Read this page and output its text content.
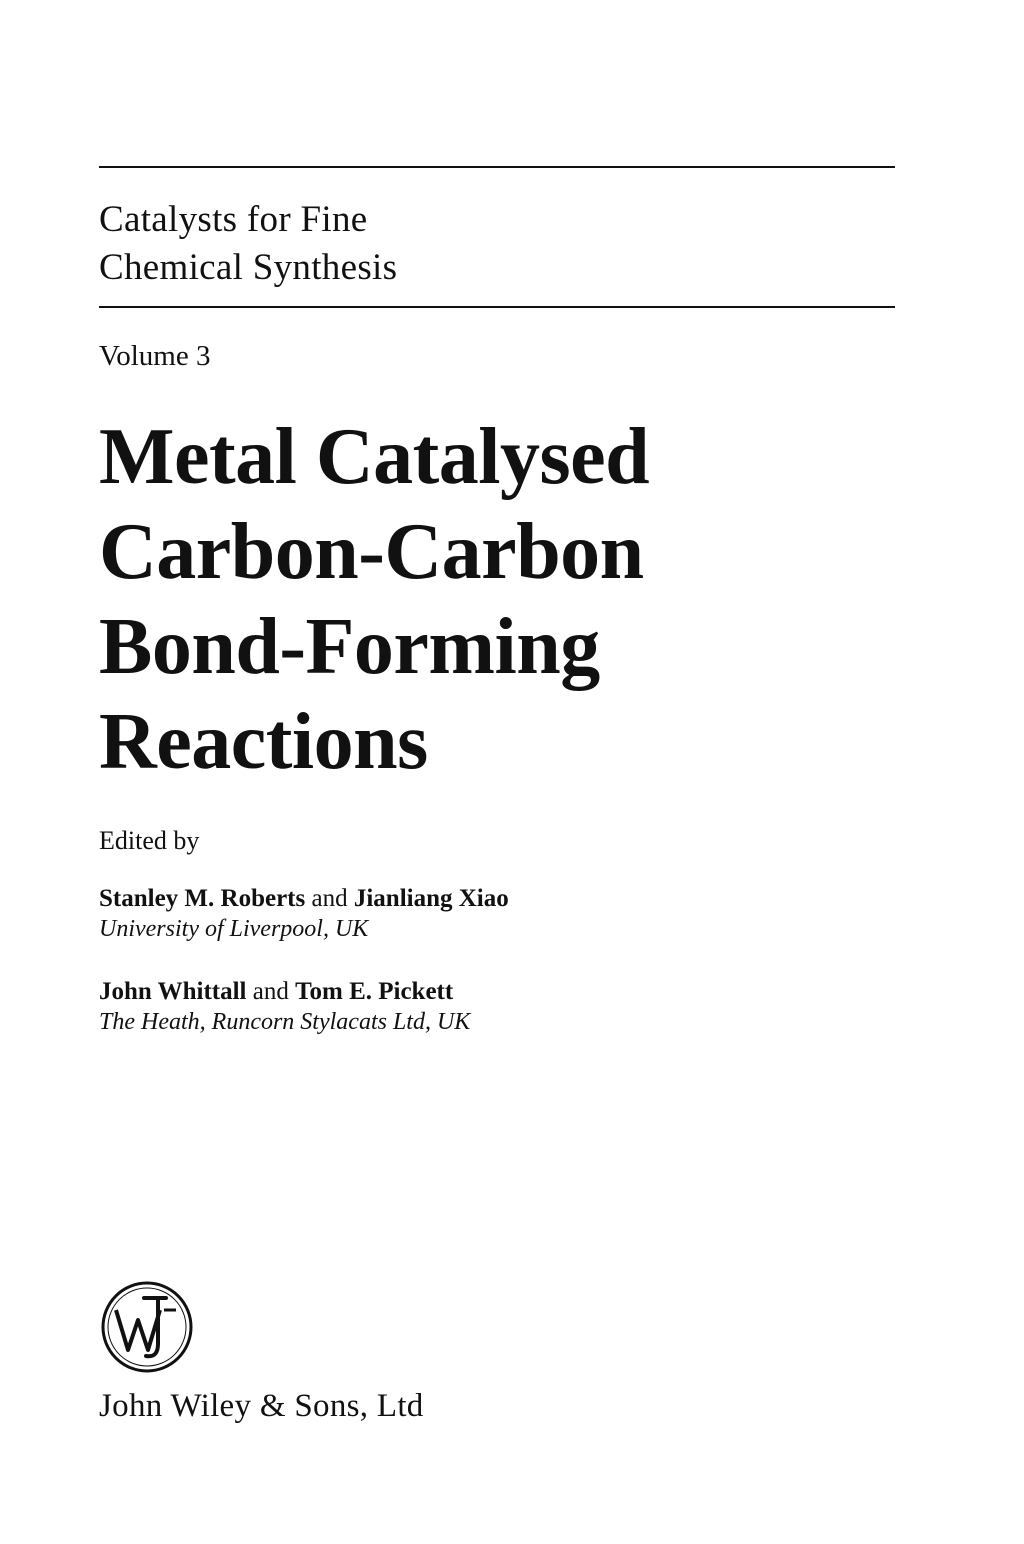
Catalysts for Fine
Chemical Synthesis
Volume 3
Metal Catalysed
Carbon-Carbon
Bond-Forming
Reactions
Edited by
Stanley M. Roberts and Jianliang Xiao
University of Liverpool, UK
John Whittall and Tom E. Pickett
The Heath, Runcorn Stylacats Ltd, UK
John Wiley & Sons, Ltd
